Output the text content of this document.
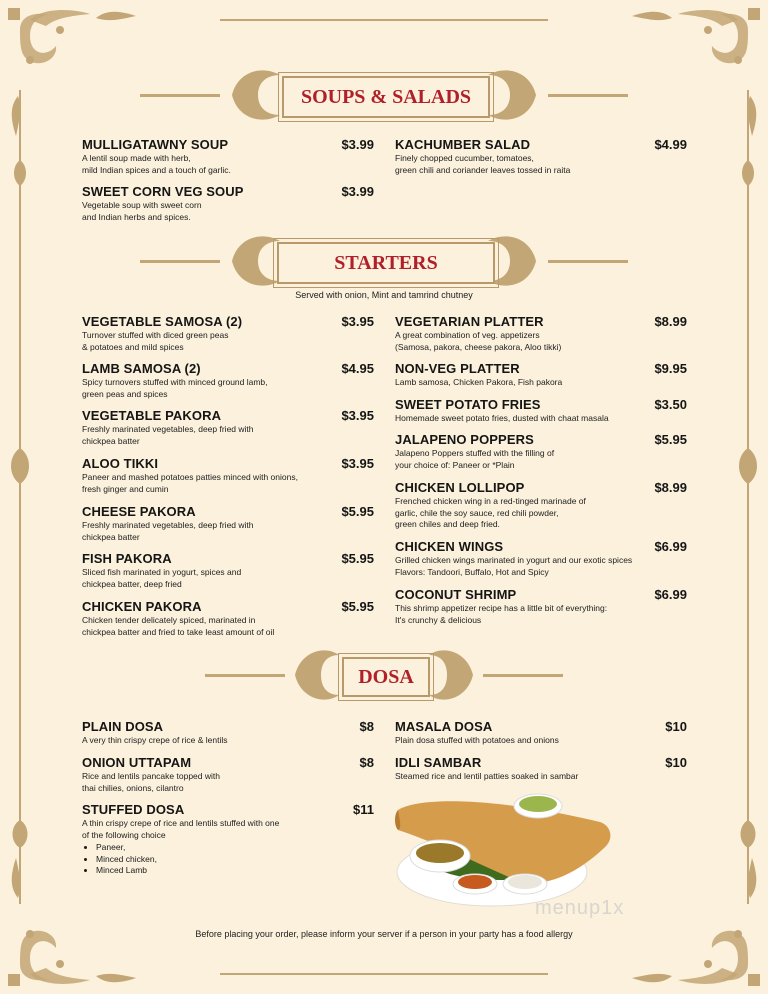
menup1x
SOUPS & SALADS
MULLIGATAWNY SOUP	$3.99
A lentil soup made with herb,
mild Indian spices and a touch of garlic.
SWEET CORN VEG SOUP	$3.99
Vegetable soup with sweet corn
and Indian herbs and spices.
KACHUMBER SALAD	$4.99
Finely chopped cucumber, tomatoes,
green chili and coriander leaves tossed in raita
STARTERS
Served with onion, Mint and tamrind chutney
VEGETABLE SAMOSA (2)	$3.95
Turnover stuffed with diced green peas
& potatoes and mild spices
LAMB SAMOSA (2)	$4.95
Spicy turnovers stuffed with minced ground lamb,
green peas and spices
VEGETABLE PAKORA	$3.95
Freshly marinated vegetables, deep fried with
chickpea batter
ALOO TIKKI	$3.95
Paneer and mashed potatoes patties minced with onions,
fresh ginger and cumin
CHEESE PAKORA	$5.95
Freshly marinated vegetables, deep fried with
chickpea batter
FISH PAKORA	$5.95
Sliced fish marinated in yogurt, spices and
chickpea batter, deep fried
CHICKEN PAKORA	$5.95
Chicken tender delicately spiced, marinated in
chickpea batter and fried to take least amount of oil
VEGETARIAN PLATTER	$8.99
A great combination of veg. appetizers
(Samosa, pakora, cheese pakora, Aloo tikki)
NON-VEG PLATTER	$9.95
Lamb samosa, Chicken Pakora, Fish pakora
SWEET POTATO FRIES	$3.50
Homemade sweet potato fries, dusted with chaat masala
JALAPENO POPPERS	$5.95
Jalapeno Poppers stuffed with the filling of
your choice of: Paneer or *Plain
CHICKEN LOLLIPOP	$8.99
Frenched chicken wing in a red-tinged marinade of
garlic, chile the soy sauce, red chili powder,
green chiles and deep fried.
CHICKEN WINGS	$6.99
Grilled chicken wings marinated in yogurt and our exotic spices
Flavors: Tandoori, Buffalo, Hot and Spicy
COCONUT SHRIMP	$6.99
This shrimp appetizer recipe has a little bit of everything:
It's crunchy & delicious
DOSA
PLAIN DOSA	$8
A very thin crispy crepe of rice & lentils
ONION UTTAPAM	$8
Rice and lentils pancake topped with
thai chilies, onions, cilantro
STUFFED DOSA	$11
A thin crispy crepe of rice and lentils stuffed with one
of the following choice
• Paneer,
• Minced chicken,
• Minced Lamb
MASALA DOSA	$10
Plain dosa stuffed with potatoes and onions
IDLI SAMBAR	$10
Steamed rice and lentil patties soaked in sambar
Before placing your order, please inform your server if a person in your party has a food allergy
